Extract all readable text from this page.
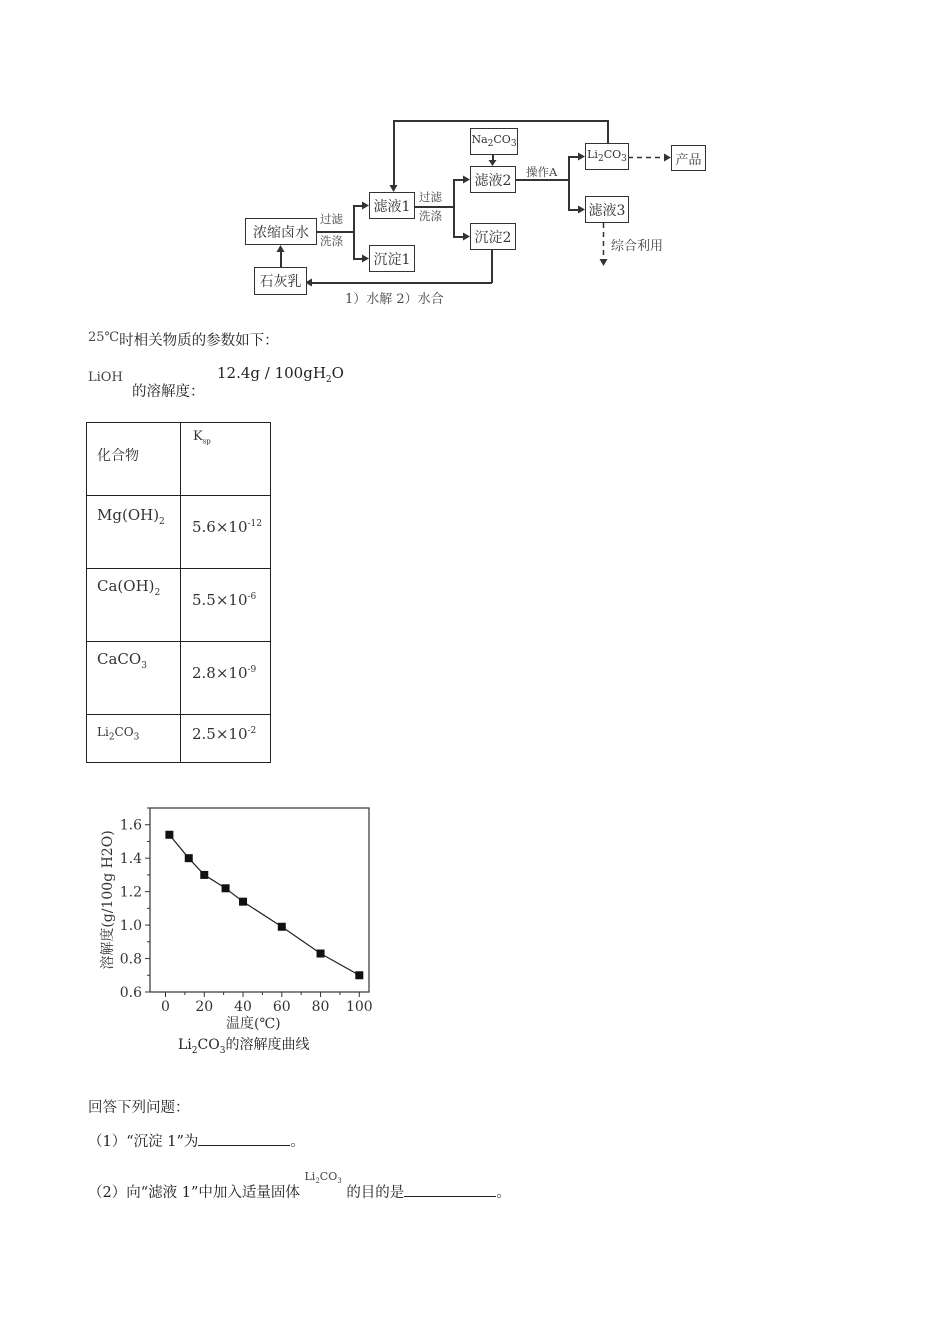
浓缩卤水
石灰乳
滤液1
沉淀1
$Na_2CO_3$
滤液2
沉淀2
$Li_2CO_3$
滤液3
产品
过滤
洗涤
过滤
洗涤
操作A
综合利用
1）水解 2）水合
25℃时相关物质的参数如下：
LiOH
的溶解度：
$12.4g / 100gH_2O$
化合物	$K_{sp}$

$Mg(OH)_2$	$5.6\times 10^{-12}$

$Ca(OH)_2$	$5.5\times 10^{-6}$

CaCO$_3$	$2.8\times 10^{-9}$

$Li_2CO_3$	$2.5\times 10^{-2}$
0.6
0.8
1.0
1.2
1.4
1.6
0 20 40 60 80 100
溶解度(g/100g H2O)
温度(℃)
$Li_2CO_3$的溶解度曲线
回答下列问题：
（1）“沉淀 1”为	。
（2）向“滤液 1”中加入适量固体 $^{Li_2CO_3}$ 的目的是	。
